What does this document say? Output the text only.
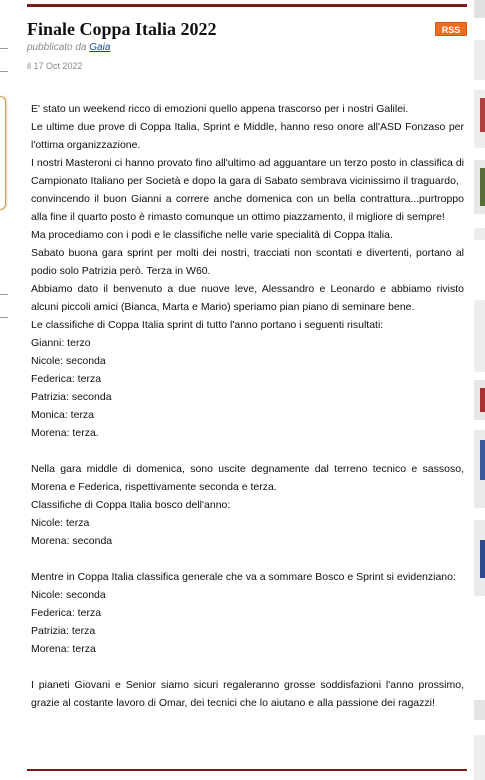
Finale Coppa Italia 2022	RSS
pubblicato da Gaia
il 17 Oct 2022

E' stato un weekend ricco di emozioni quello appena trascorso per i nostri Galilei.

Le ultime due prove di Coppa Italia, Sprint e Middle, hanno reso onore all'ASD Fonzaso per l'ottima organizzazione.

I nostri Masteroni ci hanno provato fino all'ultimo ad agguantare un terzo posto in classifica di Campionato Italiano per Società e dopo la gara di Sabato sembrava vicinissimo il traguardo,

convincendo il buon Gianni a correre anche domenica con un bella contrattura...purtroppo alla fine il quarto posto è rimasto comunque un ottimo piazzamento, il migliore di sempre!

Ma procediamo con i podi e le classifiche nelle varie specialità di Coppa Italia.

Sabato buona gara sprint per molti dei nostri, tracciati non scontati e divertenti, portano al podio solo Patrizia però. Terza in W60.

Abbiamo dato il benvenuto a due nuove leve, Alessandro e Leonardo e abbiamo rivisto alcuni piccoli amici (Bianca, Marta e Mario) speriamo pian piano di seminare bene.

Le classifiche di Coppa Italia sprint di tutto l'anno portano i seguenti risultati:

Gianni: terzo

Nicole: seconda

Federica: terza

Patrizia: seconda

Monica: terza

Morena: terza.

Nella gara middle di domenica, sono uscite degnamente dal terreno tecnico e sassoso, Morena e Federica, rispettivamente seconda e terza.

Classifiche di Coppa Italia bosco dell'anno:

Nicole: terza

Morena: seconda

Mentre in Coppa Italia classifica generale che va a sommare Bosco e Sprint si evidenziano:

Nicole: seconda

Federica: terza

Patrizia: terza

Morena: terza

I pianeti Giovani e Senior siamo sicuri regaleranno grosse soddisfazioni l'anno prossimo, grazie al costante lavoro di Omar, dei tecnici che lo aiutano e alla passione dei ragazzi!
